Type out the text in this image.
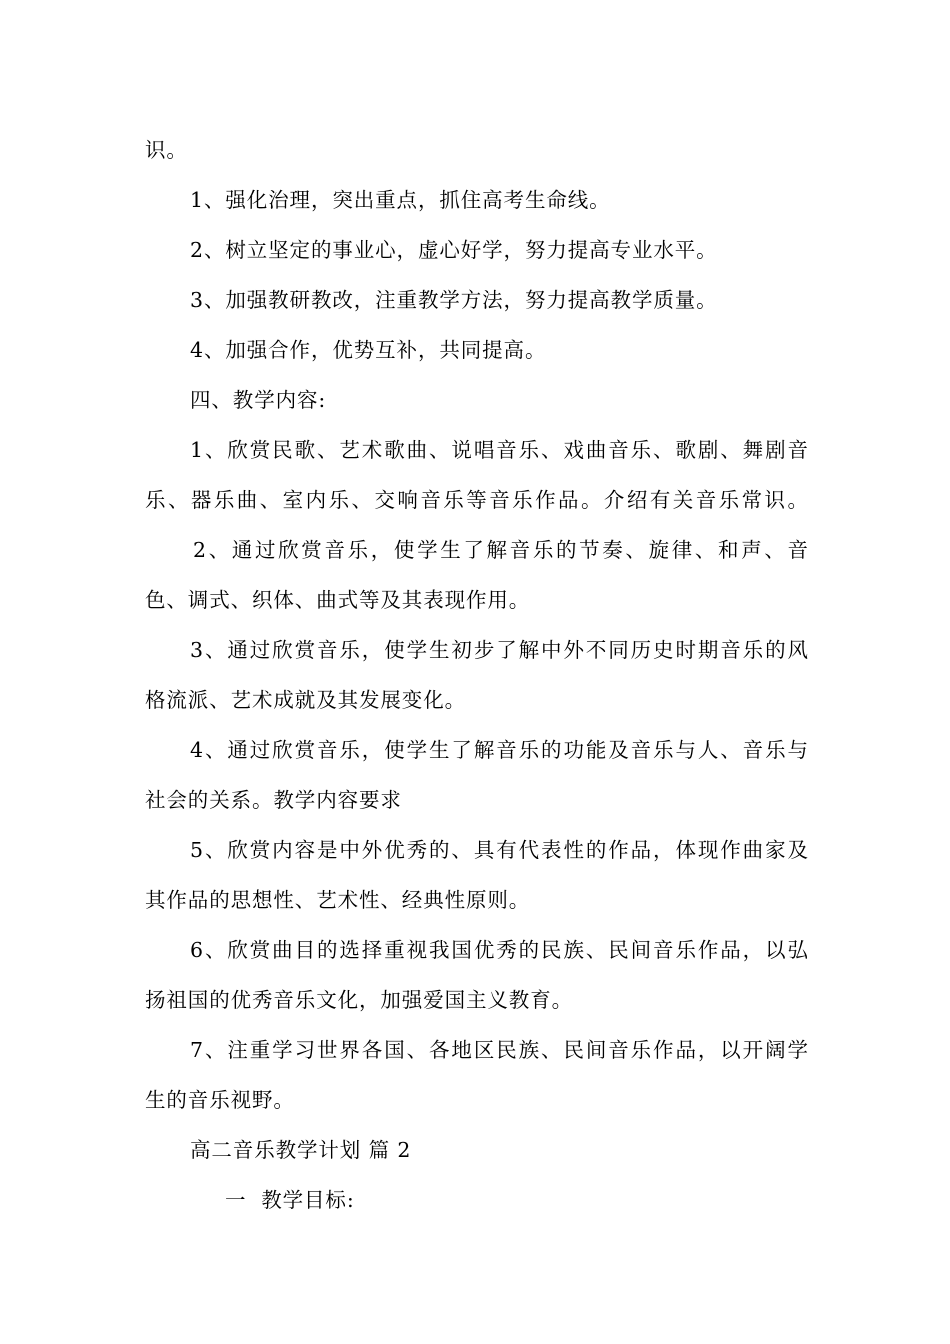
识。
1、强化治理，突出重点，抓住高考生命线。
2、树立坚定的事业心，虚心好学，努力提高专业水平。
3、加强教研教改，注重教学方法，努力提高教学质量。
4、加强合作，优势互补，共同提高。
四、教学内容:
1、欣赏民歌、艺术歌曲、说唱音乐、戏曲音乐、歌剧、舞剧音
乐、器乐曲、室内乐、交响音乐等音乐作品。介绍有关音乐常识。
2、通过欣赏音乐，使学生了解音乐的节奏、旋律、和声、音
色、调式、织体、曲式等及其表现作用。
3、通过欣赏音乐，使学生初步了解中外不同历史时期音乐的风
格流派、艺术成就及其发展变化。
4、通过欣赏音乐，使学生了解音乐的功能及音乐与人、音乐与
社会的关系。教学内容要求
5、欣赏内容是中外优秀的、具有代表性的作品，体现作曲家及
其作品的思想性、艺术性、经典性原则。
6、欣赏曲目的选择重视我国优秀的民族、民间音乐作品，以弘
扬祖国的优秀音乐文化，加强爱国主义教育。
7、注重学习世界各国、各地区民族、民间音乐作品，以开阔学
生的音乐视野。
高二音乐教学计划 篇 2
一  教学目标:
